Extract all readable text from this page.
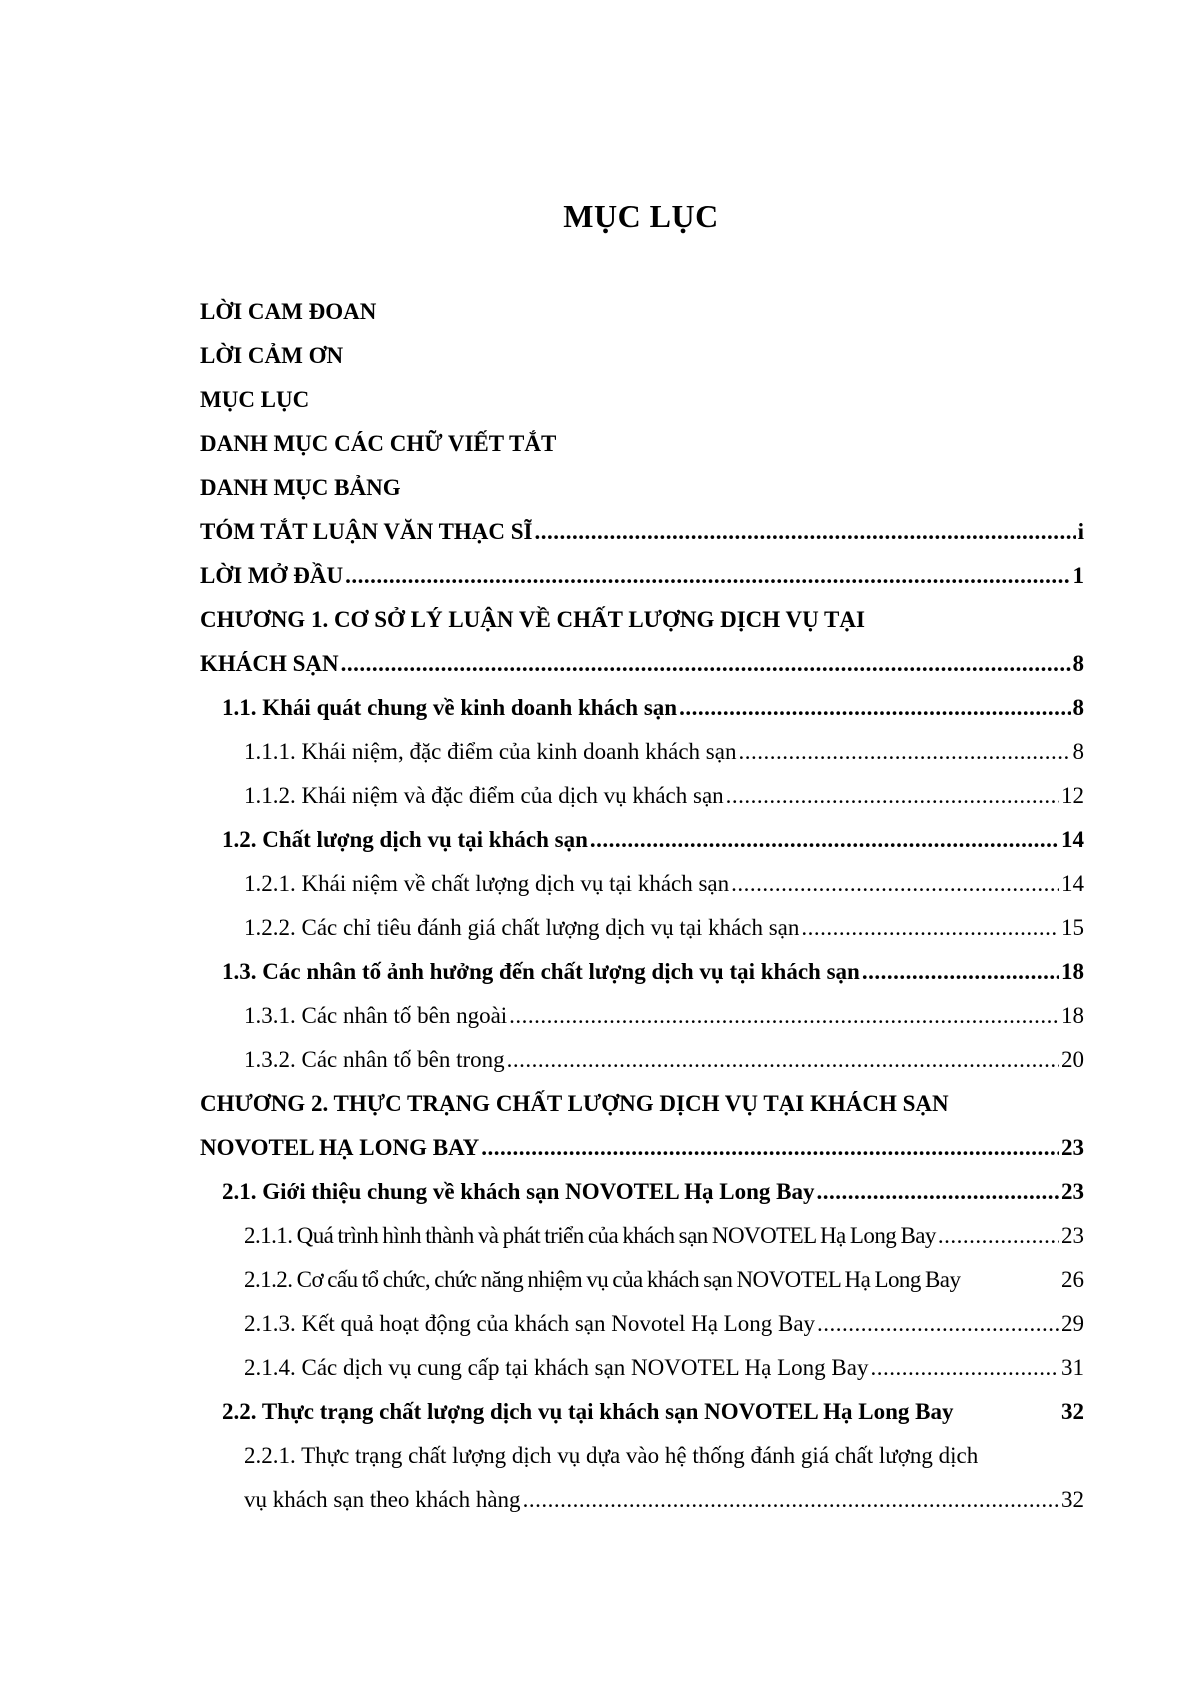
MỤC LỤC
LỜI CAM ĐOAN
LỜI CẢM ƠN
MỤC LỤC
DANH MỤC CÁC CHỮ VIẾT TẮT
DANH MỤC BẢNG
TÓM TẮT LUẬN VĂN THẠC SĨ .....	i
LỜI MỞ ĐẦU .....	1
CHƯƠNG 1. CƠ SỞ LÝ LUẬN VỀ CHẤT LƯỢNG DỊCH VỤ TẠI
KHÁCH SẠN .....	8
1.1. Khái quát chung về kinh doanh khách sạn .....	8
1.1.1. Khái niệm, đặc điểm của kinh doanh khách sạn .....	8
1.1.2. Khái niệm và đặc điểm của dịch vụ khách sạn .....	12
1.2. Chất lượng dịch vụ tại khách sạn .....	14
1.2.1. Khái niệm về chất lượng dịch vụ tại khách sạn .....	14
1.2.2. Các chỉ tiêu đánh giá chất lượng dịch vụ tại khách sạn .....	15
1.3. Các nhân tố ảnh hưởng đến chất lượng dịch vụ tại khách sạn .....	18
1.3.1. Các nhân tố bên ngoài .....	18
1.3.2. Các nhân tố bên trong .....	20
CHƯƠNG 2. THỰC TRẠNG CHẤT LƯỢNG DỊCH VỤ TẠI KHÁCH SẠN
NOVOTEL HẠ LONG BAY .....	23
2.1. Giới thiệu chung về khách sạn NOVOTEL Hạ Long Bay .....	23
2.1.1. Quá trình hình thành và phát triển của khách sạn NOVOTEL Hạ Long Bay .....	23
2.1.2. Cơ cấu tổ chức, chức năng nhiệm vụ của khách sạn NOVOTEL Hạ Long Bay	26
2.1.3. Kết quả hoạt động của khách sạn Novotel Hạ Long Bay .....	29
2.1.4. Các dịch vụ cung cấp tại khách sạn NOVOTEL Hạ Long Bay .....	31
2.2. Thực trạng chất lượng dịch vụ tại khách sạn NOVOTEL Hạ Long Bay	32
2.2.1. Thực trạng chất lượng dịch vụ dựa vào hệ thống đánh giá chất lượng dịch
vụ khách sạn theo khách hàng .....	32
